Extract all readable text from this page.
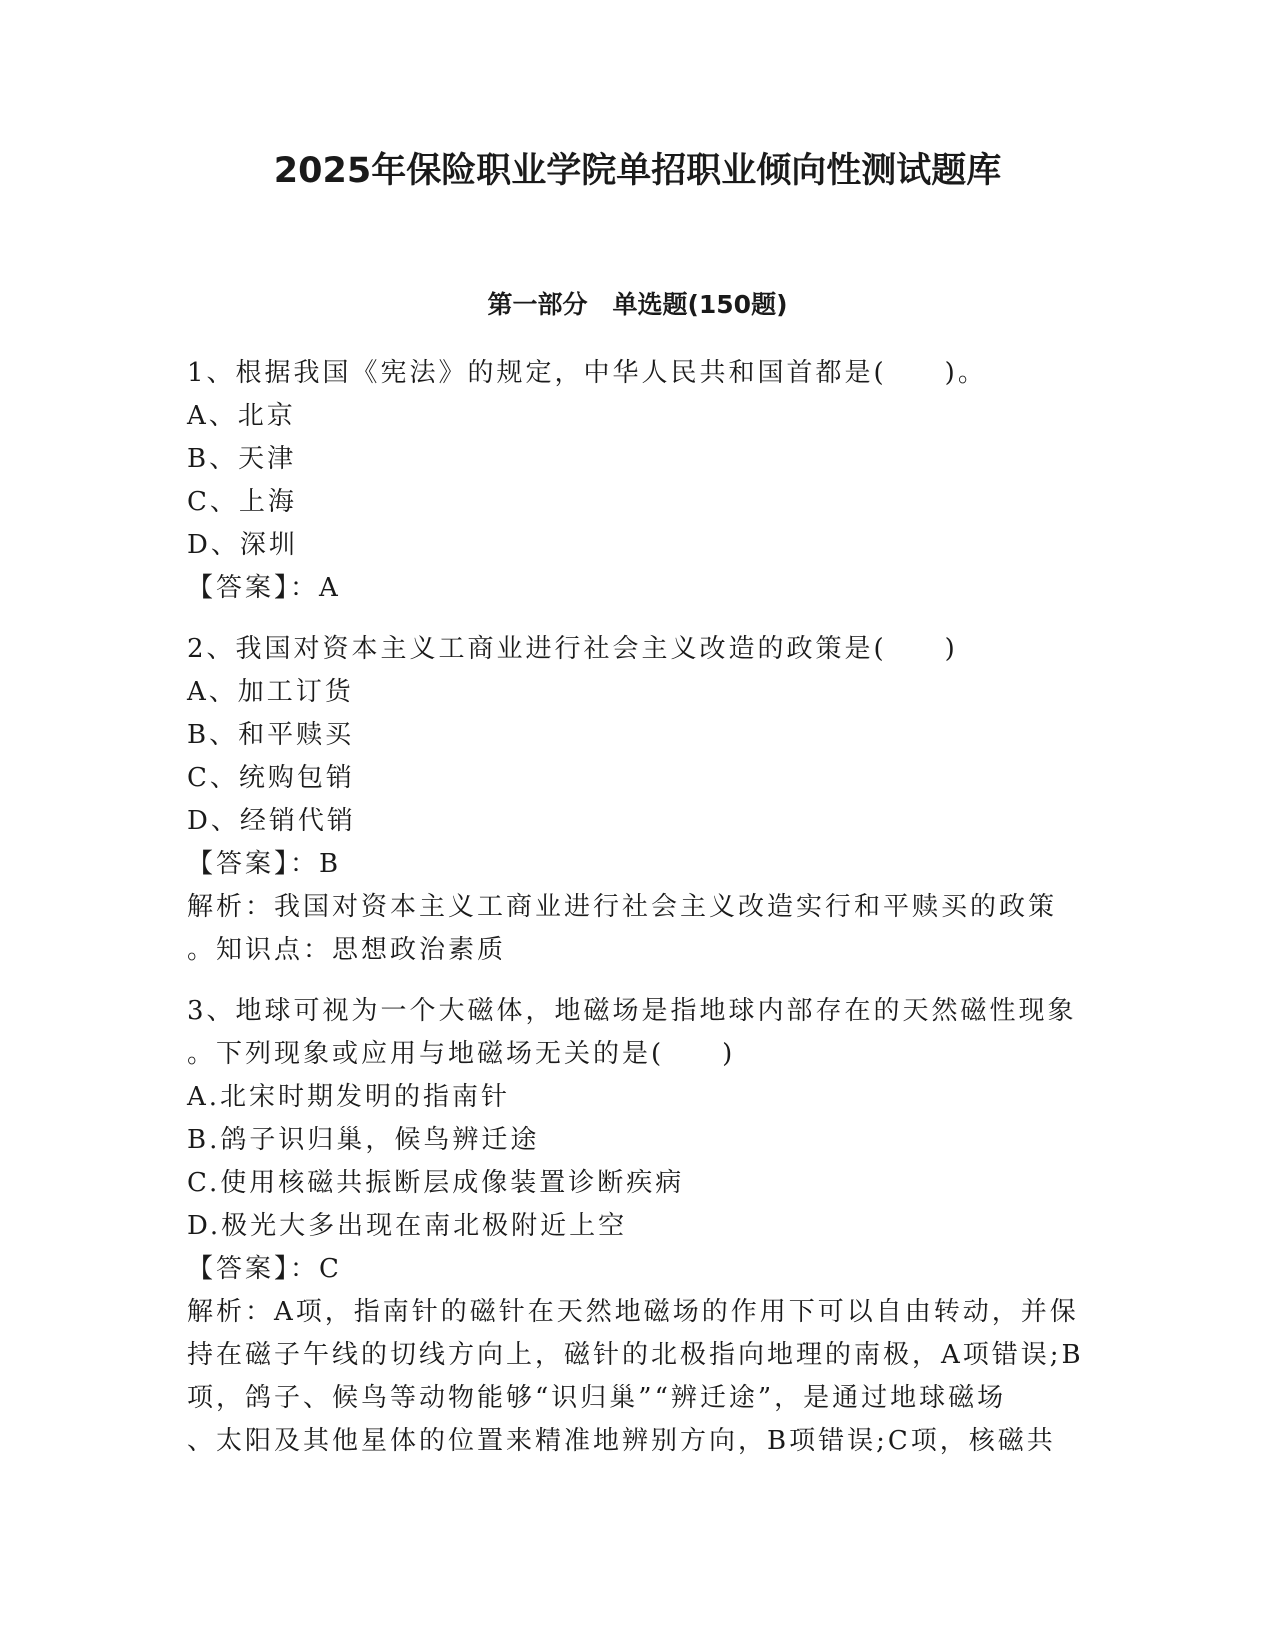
2025年保险职业学院单招职业倾向性测试题库
第一部分　单选题(150题)
1、根据我国《宪法》的规定，中华人民共和国首都是(　　)。
A、北京
B、天津
C、上海
D、深圳
【答案】：A
2、我国对资本主义工商业进行社会主义改造的政策是(　　)
A、加工订货
B、和平赎买
C、统购包销
D、经销代销
【答案】：B
解析：我国对资本主义工商业进行社会主义改造实行和平赎买的政策
。知识点：思想政治素质
3、地球可视为一个大磁体，地磁场是指地球内部存在的天然磁性现象
。下列现象或应用与地磁场无关的是(　　)
A.北宋时期发明的指南针
B.鸽子识归巢，候鸟辨迁途
C.使用核磁共振断层成像装置诊断疾病
D.极光大多出现在南北极附近上空
【答案】：C
解析：A项，指南针的磁针在天然地磁场的作用下可以自由转动，并保
持在磁子午线的切线方向上，磁针的北极指向地理的南极，A项错误;B
项，鸽子、候鸟等动物能够“识归巢”“辨迁途”，是通过地球磁场
、太阳及其他星体的位置来精准地辨别方向，B项错误;C项，核磁共
